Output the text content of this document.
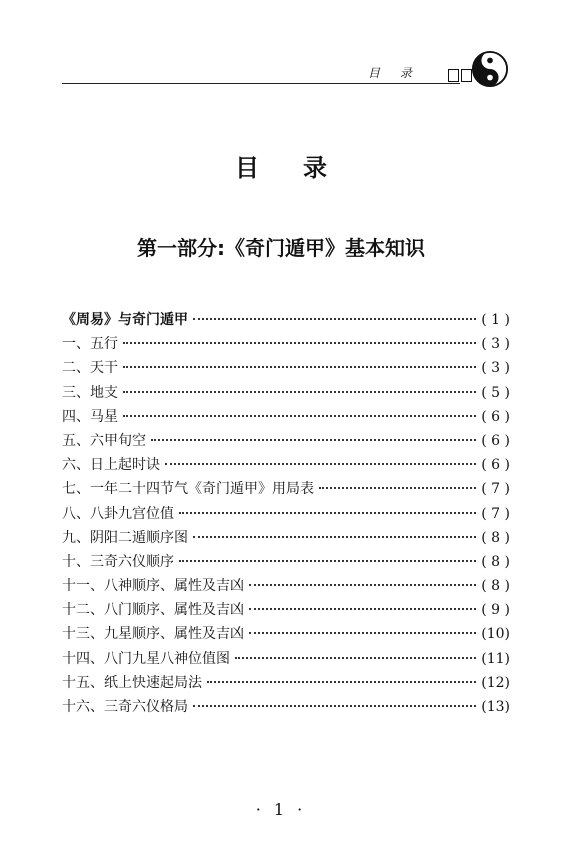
目 录
目录
第一部分:《奇门遁甲》基本知识
《周易》与奇门遁甲	( 1 )
一、五行	( 3 )
二、天干	( 3 )
三、地支	( 5 )
四、马星	( 6 )
五、六甲旬空	( 6 )
六、日上起时诀	( 6 )
七、一年二十四节气《奇门遁甲》用局表	( 7 )
八、八卦九宫位值	( 7 )
九、阴阳二遁顺序图	( 8 )
十、三奇六仪顺序	( 8 )
十一、八神顺序、属性及吉凶	( 8 )
十二、八门顺序、属性及吉凶	( 9 )
十三、九星顺序、属性及吉凶	(10)
十四、八门九星八神位值图	(11)
十五、纸上快速起局法	(12)
十六、三奇六仪格局	(13)
· 1 ·
